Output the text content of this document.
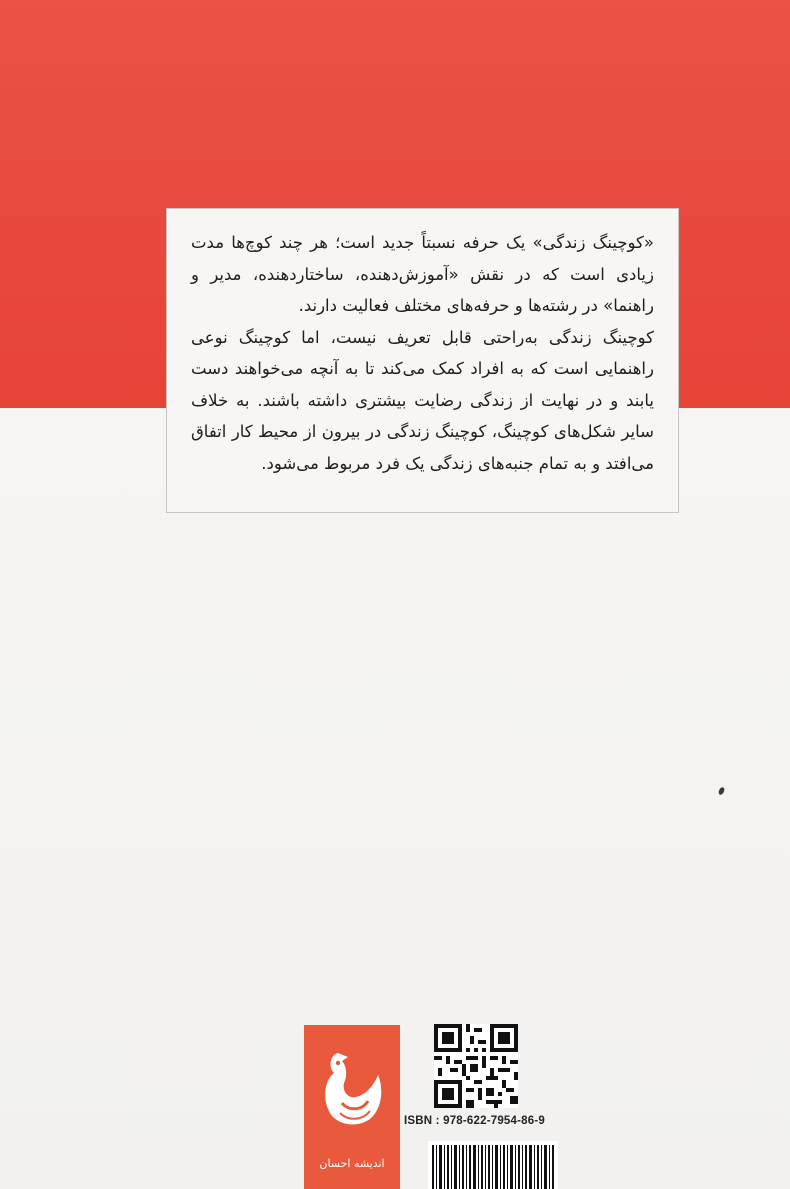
«کوچینگ زندگی» یک حرفه نسبتاً جدید است؛ هر چند کوچ‌ها مدت زیادی است که در نقش «آموزش‌دهنده، ساختاردهنده، مدیر و راهنما» در رشته‌ها و حرفه‌های مختلف فعالیت دارند.

کوچینگ زندگی به‌راحتی قابل تعریف نیست، اما کوچینگ نوعی راهنمایی است که به افراد کمک می‌کند تا به آنچه می‌خواهند دست یابند و در نهایت از زندگی رضایت بیشتری داشته باشند. به خلاف سایر شکل‌های کوچینگ، کوچینگ زندگی در بیرون از محیط کار اتفاق می‌افتد و به تمام جنبه‌های زندگی یک فرد مربوط می‌شود.

اندیشه احسان
ISBN : 978-622-7954-86-9
